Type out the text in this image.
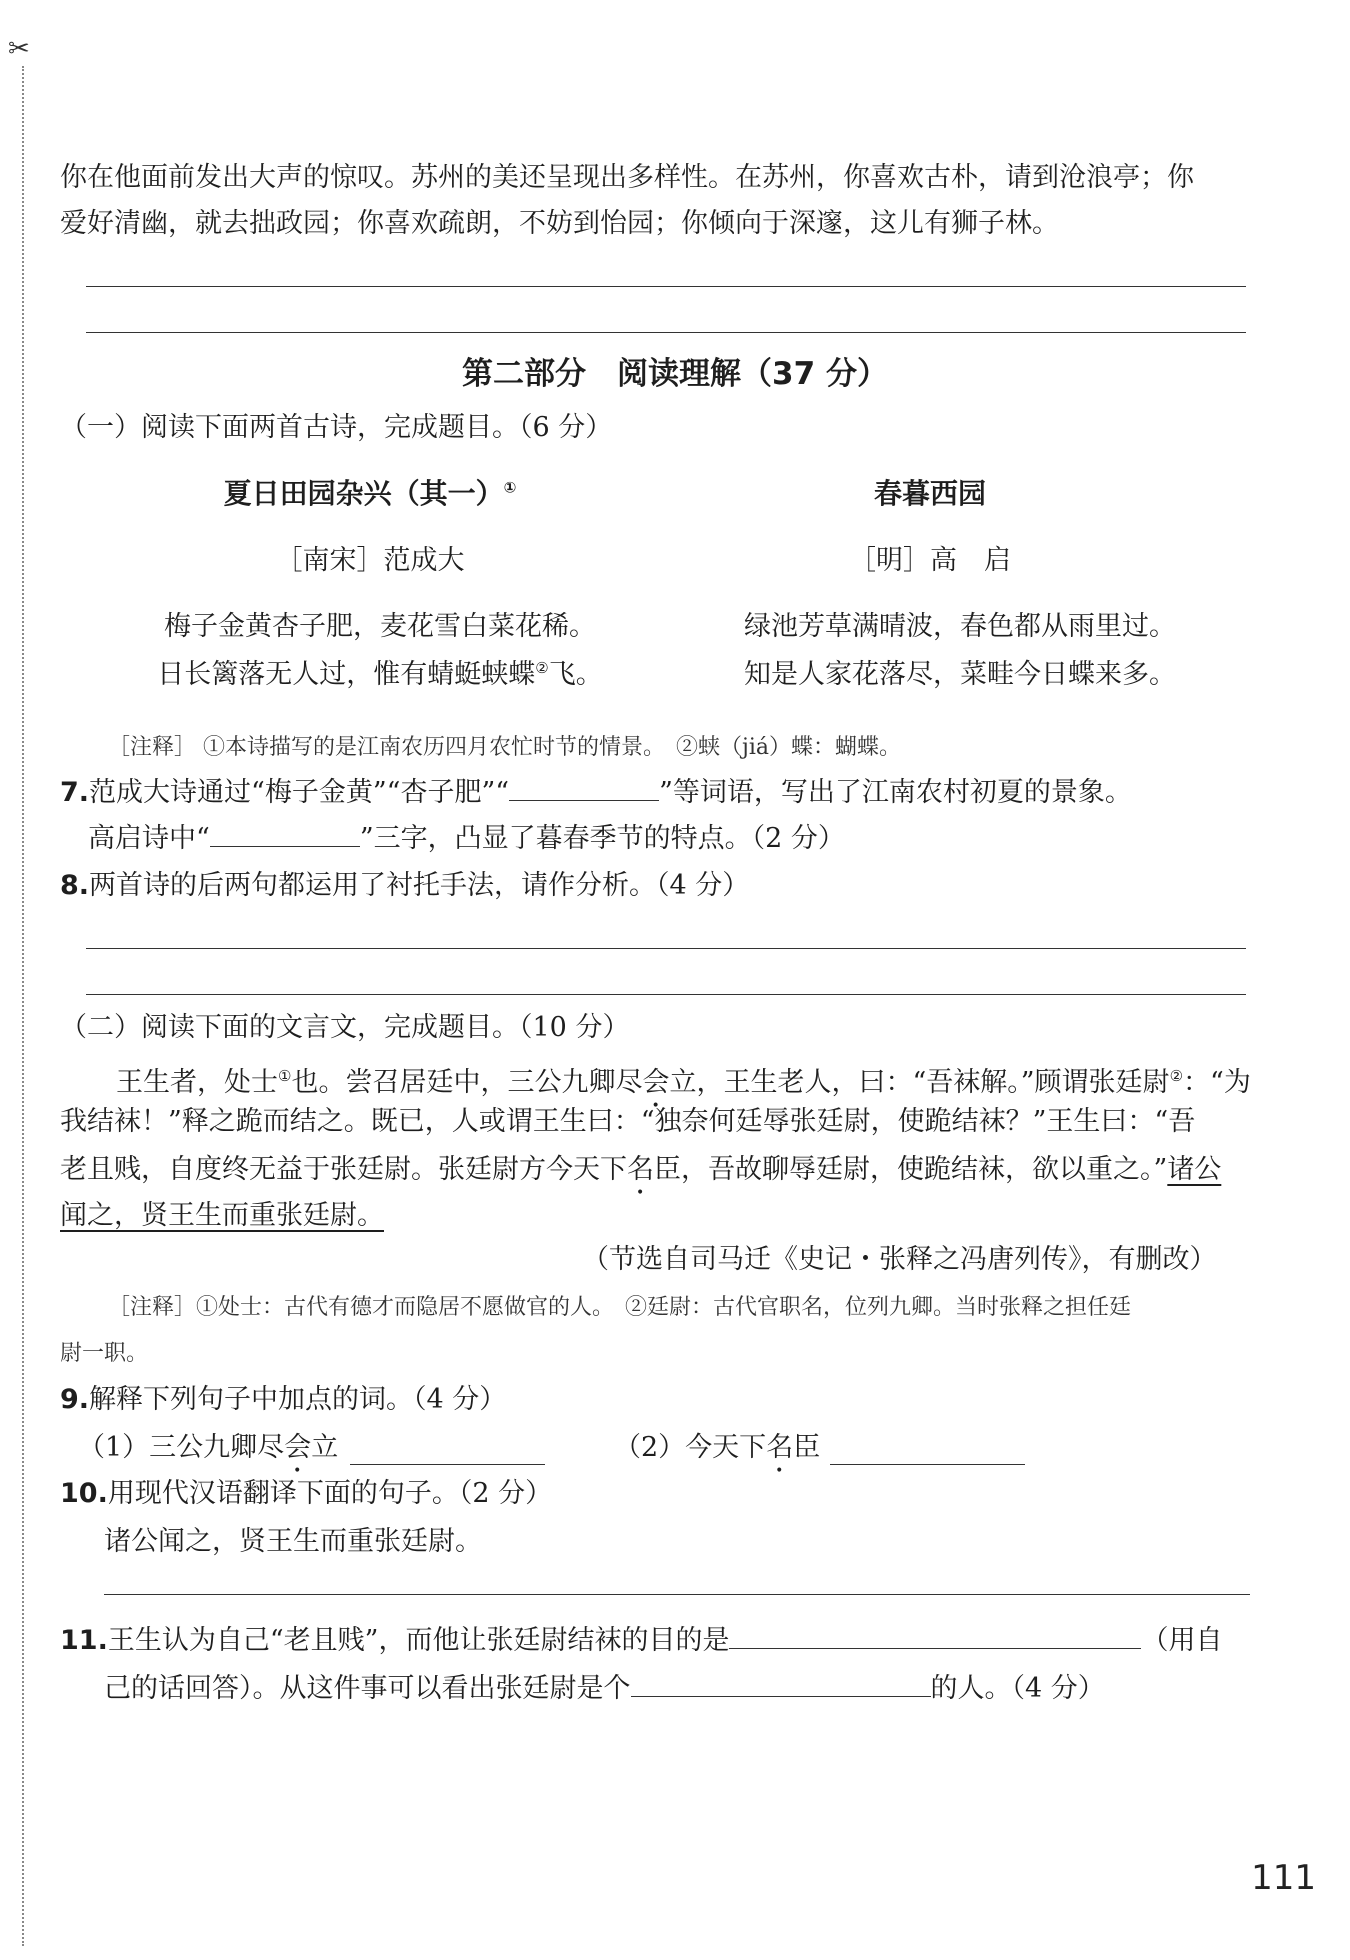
✂
你在他面前发出大声的惊叹。苏州的美还呈现出多样性。在苏州，你喜欢古朴，请到沧浪亭；你
爱好清幽，就去拙政园；你喜欢疏朗，不妨到怡园；你倾向于深邃，这儿有狮子林。
第二部分　阅读理解（37 分）
（一）阅读下面两首古诗，完成题目。（6 分）
夏日田园杂兴（其一）①	春暮西园
［南宋］范成大	［明］高　启
梅子金黄杏子肥，麦花雪白菜花稀。
日长篱落无人过，惟有蜻蜓蛱蝶②飞。
绿池芳草满晴波，春色都从雨里过。
知是人家花落尽，菜畦今日蝶来多。
［注释］ ①本诗描写的是江南农历四月农忙时节的情景。　②蛱（jiá）蝶：蝴蝶。
7.范成大诗通过“梅子金黄”“杏子肥”“	”等词语，写出了江南农村初夏的景象。
高启诗中“	”三字，凸显了暮春季节的特点。（2 分）
8.两首诗的后两句都运用了衬托手法，请作分析。（4 分）
（二）阅读下面的文言文，完成题目。（10 分）
王生者，处士①也。尝召居廷中，三公九卿尽会立，王生老人，曰：“吾袜解。”顾谓张廷尉②：“为
我结袜！”释之跪而结之。既已，人或谓王生曰：“独奈何廷辱张廷尉，使跪结袜？”王生曰：“吾
老且贱，自度终无益于张廷尉。张廷尉方今天下名臣，吾故聊辱廷尉，使跪结袜，欲以重之。”诸公
闻之，贤王生而重张廷尉。
（节选自司马迁《史记・张释之冯唐列传》，有删改）
［注释］①处士：古代有德才而隐居不愿做官的人。　②廷尉：古代官职名，位列九卿。当时张释之担任廷
尉一职。
9.解释下列句子中加点的词。（4 分）
（1）三公九卿尽会立	（2）今天下名臣
10.用现代汉语翻译下面的句子。（2 分）
诸公闻之，贤王生而重张廷尉。
11.王生认为自己“老且贱”，而他让张廷尉结袜的目的是	（用自
己的话回答）。从这件事可以看出张廷尉是个	的人。（4 分）
111
